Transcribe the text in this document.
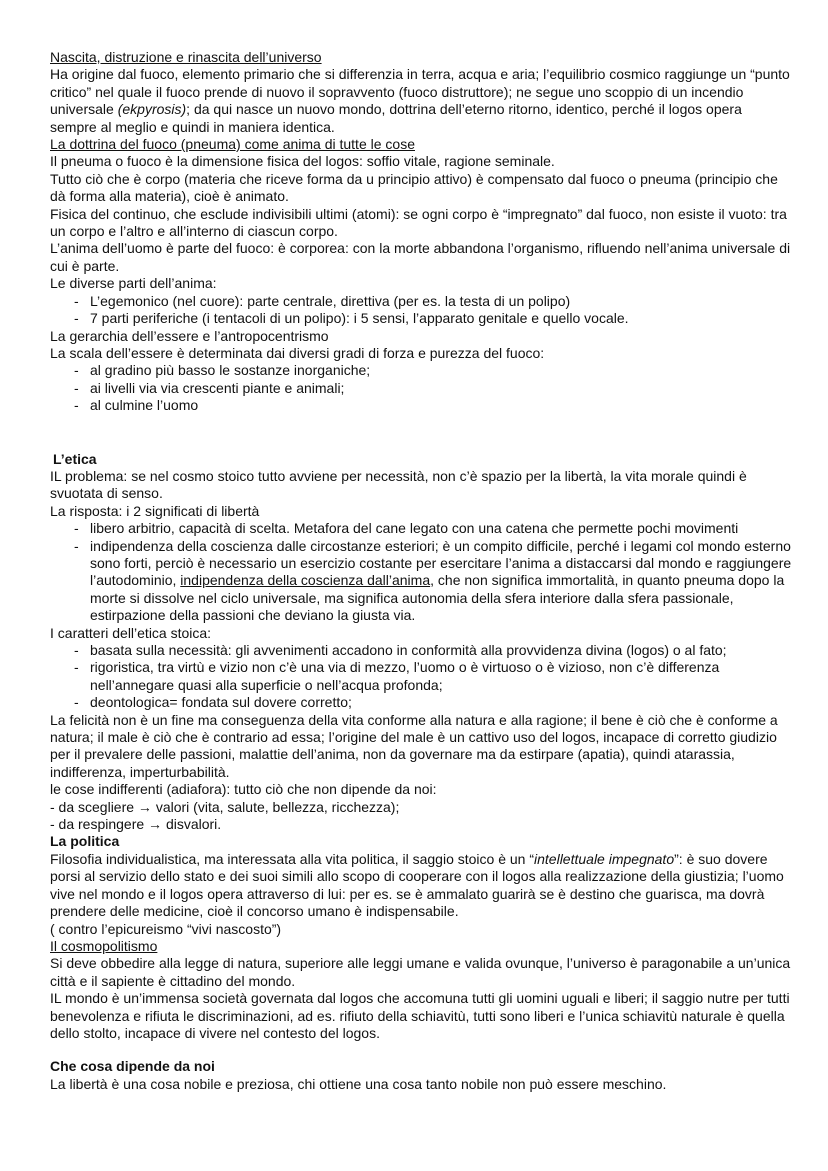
Nascita, distruzione e rinascita dell’universo

Ha origine dal fuoco, elemento primario che si differenzia in terra, acqua e aria; l’equilibrio cosmico raggiunge un “punto critico” nel quale il fuoco prende di nuovo il sopravvento (fuoco distruttore); ne segue uno scoppio di un incendio universale (ekpyrosis); da qui nasce un nuovo mondo, dottrina dell’eterno ritorno, identico, perché il logos opera sempre al meglio e quindi in maniera identica.

La dottrina del fuoco (pneuma) come anima di tutte le cose

Il pneuma o fuoco è la dimensione fisica del logos: soffio vitale, ragione seminale.

Tutto ciò che è corpo (materia che riceve forma da u principio attivo) è compensato dal fuoco o pneuma (principio che dà forma alla materia), cioè è animato.

Fisica del continuo, che esclude indivisibili ultimi (atomi): se ogni corpo è “impregnato” dal fuoco, non esiste il vuoto: tra un corpo e l’altro e all’interno di ciascun corpo.

L’anima dell’uomo è parte del fuoco: è corporea: con la morte abbandona l’organismo, rifluendo nell’anima universale di cui è parte.

Le diverse parti dell’anima:

- L’egemonico (nel cuore): parte centrale, direttiva (per es. la testa di un polipo)
- 7 parti periferiche (i tentacoli di un polipo): i 5 sensi, l’apparato genitale e quello vocale.

La gerarchia dell’essere e l’antropocentrismo

La scala dell’essere è determinata dai diversi gradi di forza e purezza del fuoco:

- al gradino più basso le sostanze inorganiche;
- ai livelli via via crescenti piante e animali;
- al culmine l’uomo

L’etica

IL problema: se nel cosmo stoico tutto avviene per necessità, non c’è spazio per la libertà, la vita morale quindi è svuotata di senso.

La risposta: i 2 significati di libertà

- libero arbitrio, capacità di scelta. Metafora del cane legato con una catena che permette pochi movimenti
- indipendenza della coscienza dalle circostanze esteriori; è un compito difficile, perché i legami col mondo esterno sono forti, perciò è necessario un esercizio costante per esercitare l’anima a distaccarsi dal mondo e raggiungere l’autodominio, indipendenza della coscienza dall’anima, che non significa immortalità, in quanto pneuma dopo la morte si dissolve nel ciclo universale, ma significa autonomia della sfera interiore dalla sfera passionale, estirpazione della passioni che deviano la giusta via.

I caratteri dell’etica stoica:

- basata sulla necessità: gli avvenimenti accadono in conformità alla provvidenza divina (logos) o al fato;
- rigoristica, tra virtù e vizio non c’è una via di mezzo, l’uomo o è virtuoso o è vizioso, non c’è differenza nell’annegare quasi alla superficie o nell’acqua profonda;
- deontologica= fondata sul dovere corretto;

La felicità non è un fine ma conseguenza della vita conforme alla natura e alla ragione; il bene è ciò che è conforme a natura; il male è ciò che è contrario ad essa; l’origine del male è un cattivo uso del logos, incapace di corretto giudizio per il prevalere delle passioni, malattie dell’anima, non da governare ma da estirpare (apatia), quindi atarassia, indifferenza, imperturbabilità.

le cose indifferenti (adiafora): tutto ciò che non dipende da noi:

- da scegliere → valori (vita, salute, bellezza, ricchezza);

- da respingere → disvalori.

La politica

Filosofia individualistica, ma interessata alla vita politica, il saggio stoico è un “intellettuale impegnato”: è suo dovere porsi al servizio dello stato e dei suoi simili allo scopo di cooperare con il logos alla realizzazione della giustizia; l’uomo vive nel mondo e il logos opera attraverso di lui: per es. se è ammalato guarirà se è destino che guarisca, ma dovrà prendere delle medicine, cioè il concorso umano è indispensabile.

( contro l’epicureismo “vivi nascosto”)

Il cosmopolitismo

Si deve obbedire alla legge di natura, superiore alle leggi umane e valida ovunque, l’universo è paragonabile a un’unica città e il sapiente è cittadino del mondo.

IL mondo è un’immensa società governata dal logos che accomuna tutti gli uomini uguali e liberi; il saggio nutre per tutti benevolenza e rifiuta le discriminazioni, ad es. rifiuto della schiavitù, tutti sono liberi e l’unica schiavitù naturale è quella dello stolto, incapace di vivere nel contesto del logos.

Che cosa dipende da noi

La libertà è una cosa nobile e preziosa, chi ottiene una cosa tanto nobile non può essere meschino.
